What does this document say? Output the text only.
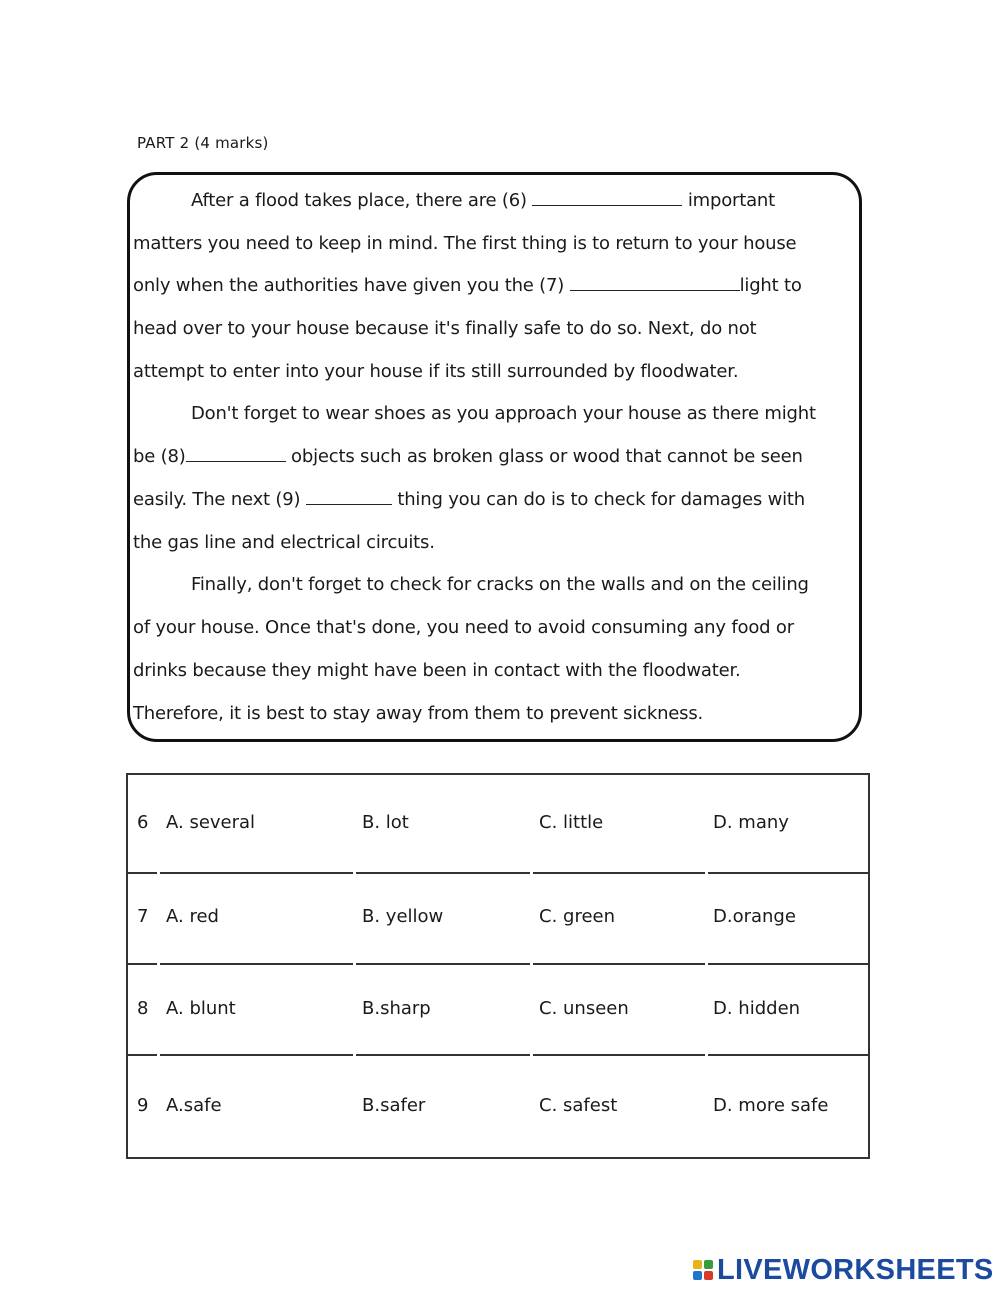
PART 2 (4 marks)
After a flood takes place, there are (6)	important
matters you need to keep in mind. The first thing is to return to your house
only when the authorities have given you the (7)	light to
head over to your house because it's finally safe to do so. Next, do not
attempt to enter into your house if its still surrounded by floodwater.
Don't forget to wear shoes as you approach your house as there might
be (8)	objects such as broken glass or wood that cannot be seen
easily. The next (9)	thing you can do is to check for damages with
the gas line and electrical circuits.
Finally, don't forget to check for cracks on the walls and on the ceiling
of your house. Once that's done, you need to avoid consuming any food or
drinks because they might have been in contact with the floodwater.
Therefore, it is best to stay away from them to prevent sickness.
6 A. several	B. lot	C. little	D. many
7 A. red	B. yellow	C. green	D.orange
8 A. blunt	B.sharp	C. unseen	D. hidden
9 A.safe	B.safer	C. safest	D. more safe
LIVEWORKSHEETS
